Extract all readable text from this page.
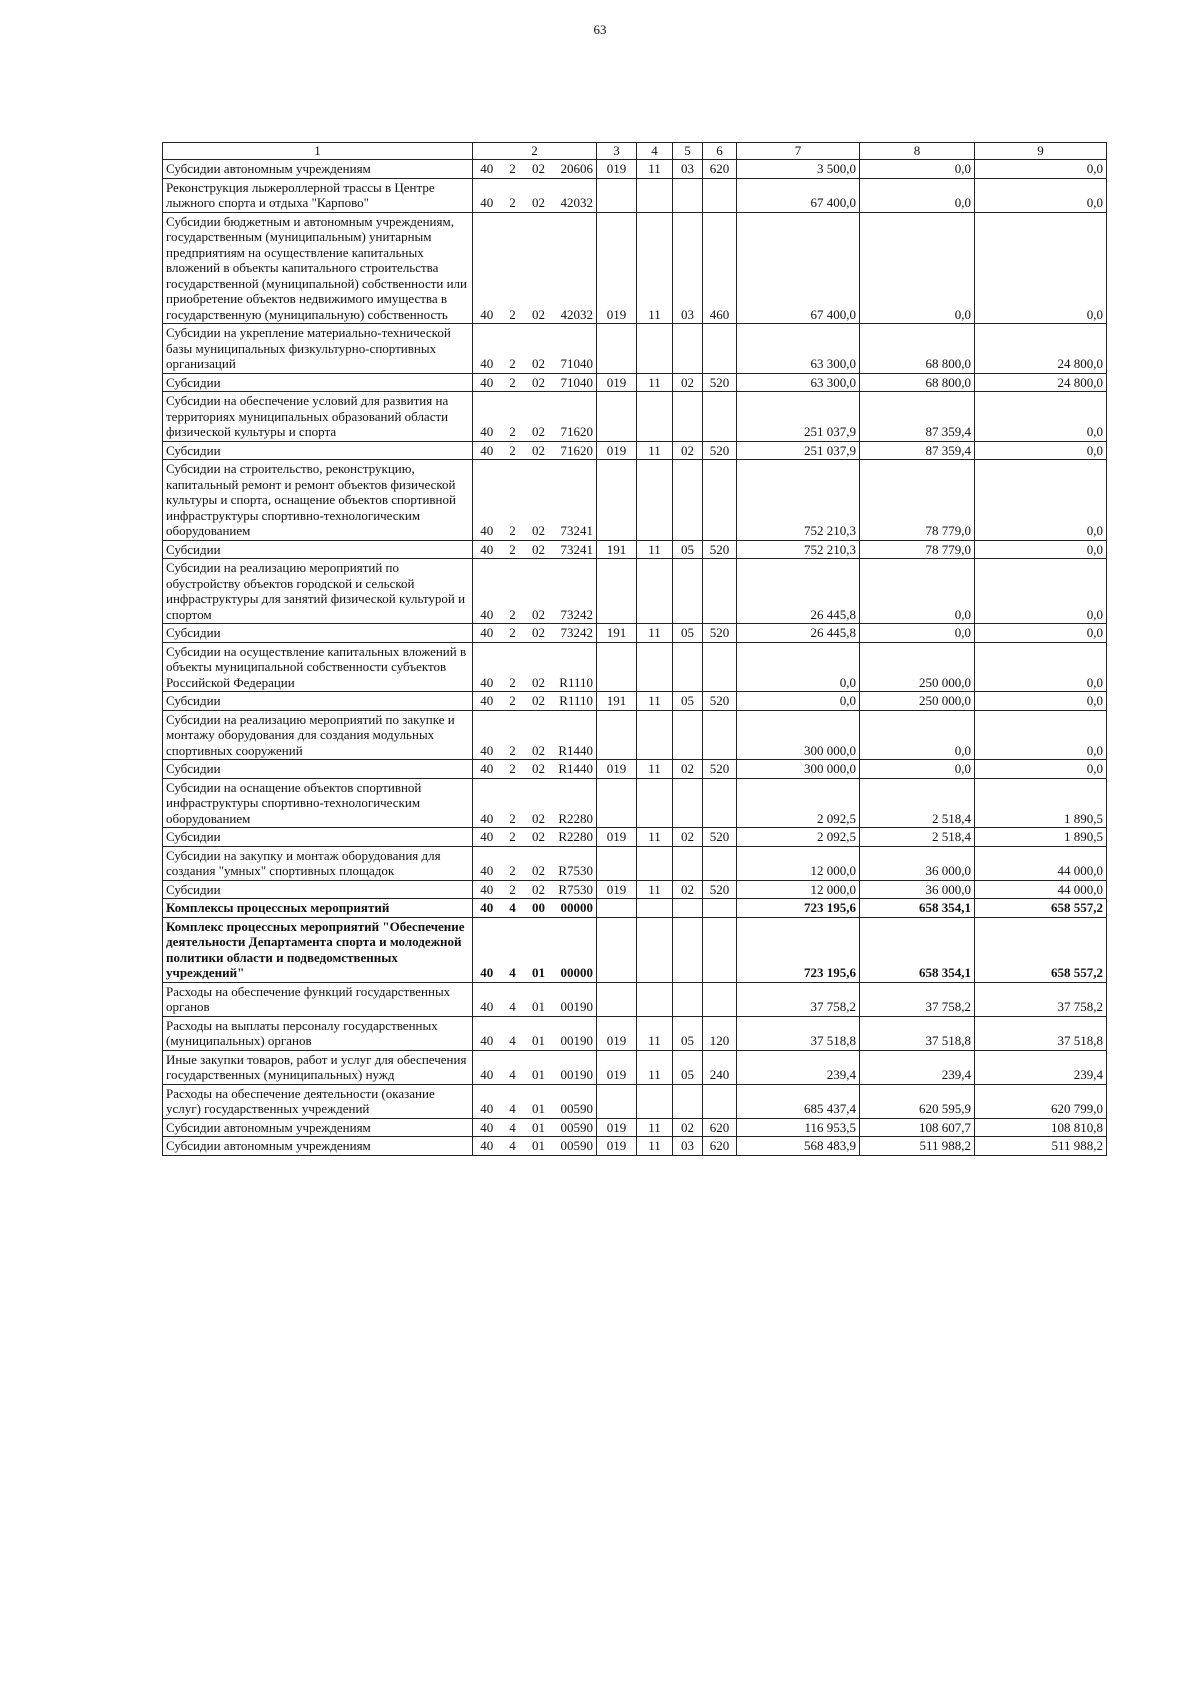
63
1	2				3	4	5	6	7	8	9
Субсидии автономным учреждениям	40	2	02	20606	019	11	03	620	3 500,0	0,0	0,0
Реконструкция лыжероллерной трассы в Центре лыжного спорта и отдыха "Карпово"	40	2	02	42032					67 400,0	0,0	0,0
Субсидии бюджетным и автономным учреждениям, государственным (муниципальным) унитарным предприятиям на осуществление капитальных вложений в объекты капитального строительства государственной (муниципальной) собственности или приобретение объектов недвижимого имущества в государственную (муниципальную) собственность	40	2	02	42032	019	11	03	460	67 400,0	0,0	0,0
Субсидии на укрепление материально-технической базы муниципальных физкультурно-спортивных организаций	40	2	02	71040					63 300,0	68 800,0	24 800,0
Субсидии	40	2	02	71040	019	11	02	520	63 300,0	68 800,0	24 800,0
Субсидии на обеспечение условий для развития на территориях муниципальных образований области физической культуры и спорта	40	2	02	71620					251 037,9	87 359,4	0,0
Субсидии	40	2	02	71620	019	11	02	520	251 037,9	87 359,4	0,0
Субсидии на строительство, реконструкцию, капитальный ремонт и ремонт объектов физической культуры и спорта, оснащение объектов спортивной инфраструктуры спортивно-технологическим оборудованием	40	2	02	73241					752 210,3	78 779,0	0,0
Субсидии	40	2	02	73241	191	11	05	520	752 210,3	78 779,0	0,0
Субсидии на реализацию мероприятий по обустройству объектов городской и сельской инфраструктуры для занятий физической культурой и спортом	40	2	02	73242					26 445,8	0,0	0,0
Субсидии	40	2	02	73242	191	11	05	520	26 445,8	0,0	0,0
Субсидии на осуществление капитальных вложений в объекты муниципальной собственности субъектов Российской Федерации	40	2	02	R1110					0,0	250 000,0	0,0
Субсидии	40	2	02	R1110	191	11	05	520	0,0	250 000,0	0,0
Субсидии на реализацию мероприятий по закупке и монтажу оборудования для создания модульных спортивных сооружений	40	2	02	R1440					300 000,0	0,0	0,0
Субсидии	40	2	02	R1440	019	11	02	520	300 000,0	0,0	0,0
Субсидии на оснащение объектов спортивной инфраструктуры спортивно-технологическим оборудованием	40	2	02	R2280					2 092,5	2 518,4	1 890,5
Субсидии	40	2	02	R2280	019	11	02	520	2 092,5	2 518,4	1 890,5
Субсидии на закупку и монтаж оборудования для создания "умных" спортивных площадок	40	2	02	R7530					12 000,0	36 000,0	44 000,0
Субсидии	40	2	02	R7530	019	11	02	520	12 000,0	36 000,0	44 000,0
Комплексы процессных мероприятий	40	4	00	00000					723 195,6	658 354,1	658 557,2
Комплекс процессных мероприятий "Обеспечение деятельности Департамента спорта и молодежной политики области и подведомственных учреждений"	40	4	01	00000					723 195,6	658 354,1	658 557,2
Расходы на обеспечение функций государственных органов	40	4	01	00190					37 758,2	37 758,2	37 758,2
Расходы на выплаты персоналу государственных (муниципальных) органов	40	4	01	00190	019	11	05	120	37 518,8	37 518,8	37 518,8
Иные закупки товаров, работ и услуг для обеспечения государственных (муниципальных) нужд	40	4	01	00190	019	11	05	240	239,4	239,4	239,4
Расходы на обеспечение деятельности (оказание услуг) государственных учреждений	40	4	01	00590					685 437,4	620 595,9	620 799,0
Субсидии автономным учреждениям	40	4	01	00590	019	11	02	620	116 953,5	108 607,7	108 810,8
Субсидии автономным учреждениям	40	4	01	00590	019	11	03	620	568 483,9	511 988,2	511 988,2
